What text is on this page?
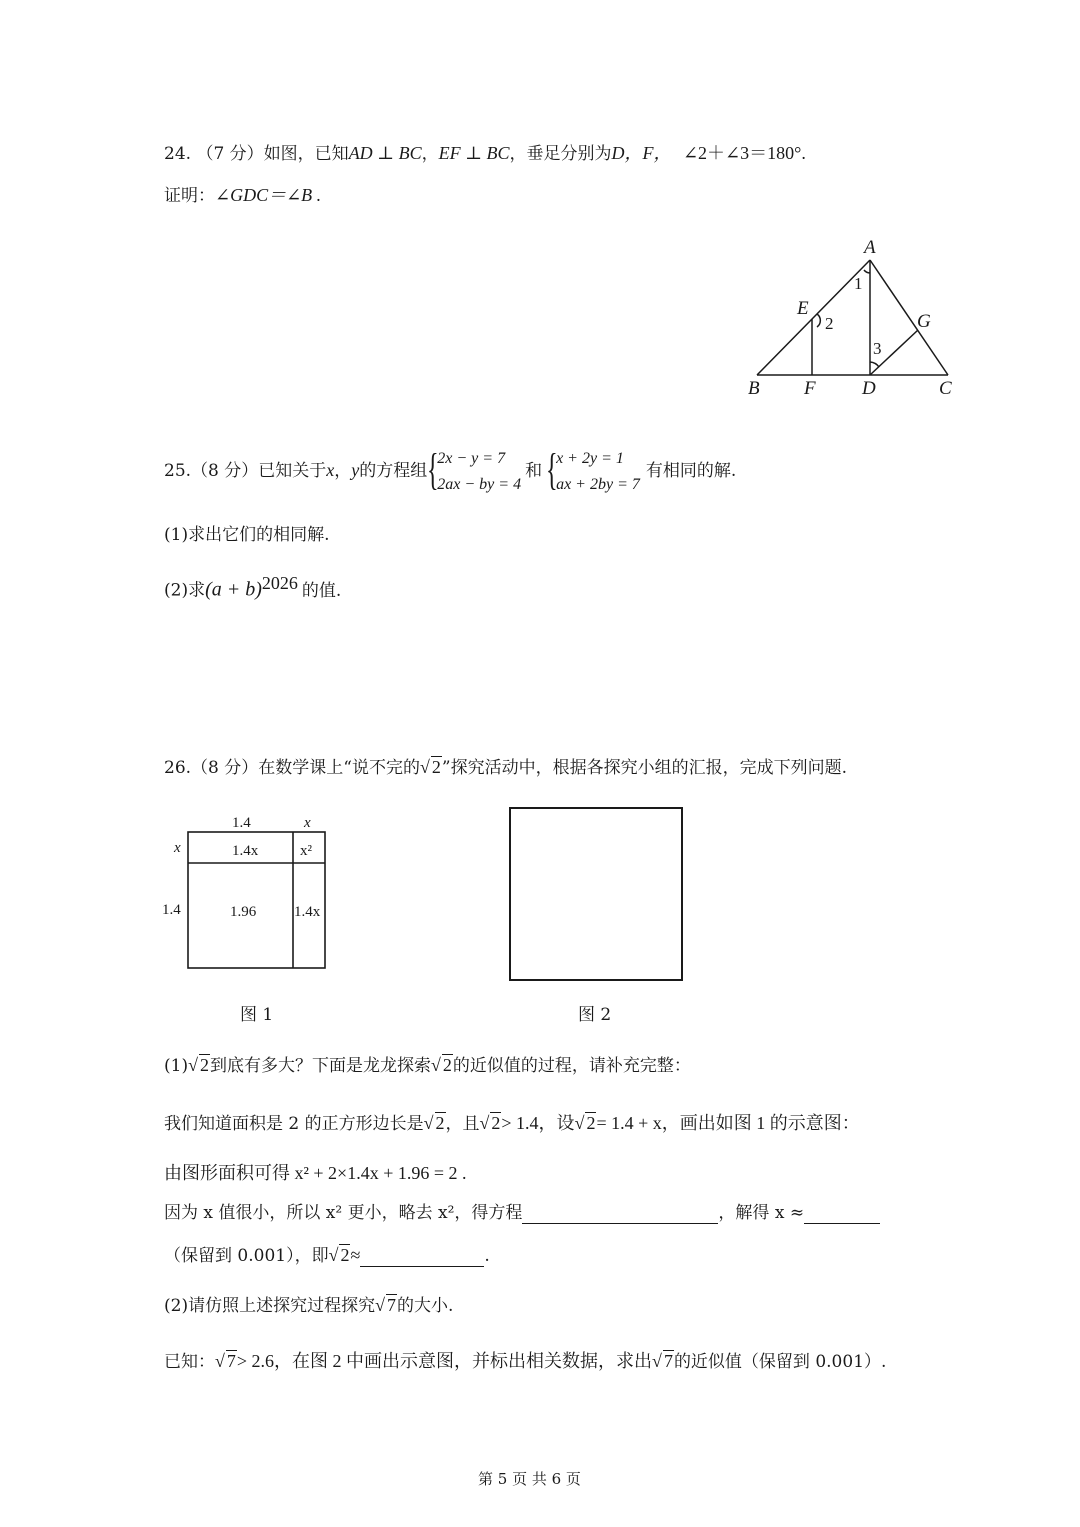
24. （7 分）如图，已知AD ⊥ BC，EF ⊥ BC，垂足分别为D，F， ∠2＋∠3＝180°.
证明：∠GDC＝∠B .
A
B	C
D
E
F
G
1
2
3
25.（8 分）已知关于x，y的方程组 {
2x − y = 7
2ax − by = 4
和 {
x + 2y = 1
ax + 2by = 7
有相同的解.
(1)求出它们的相同解.
(2)求$(a + b)^{2026}$ 的值.
26.（8 分）在数学课上“说不完的√ 2”探究活动中，根据各探究小组的汇报，完成下列问题.
1.4	x
x
1.4
1.4x	x²
1.96	1.4x
图 1	图 2
(1)√ 2到底有多大？下面是龙龙探索√ 2的近似值的过程，请补充完整：
我们知道面积是 2 的正方形边长是√ 2，且√ 2> 1.4，设√ 2= 1.4 + x，画出如图 1 的示意图：
由图形面积可得 x² + 2×1.4x + 1.96 = 2 .
因为 x 值很小，所以 x² 更小，略去 x²，得方程	，解得 x ≈
（保留到 0.001），即√ 2≈	.
(2)请仿照上述探究过程探究√ 7的大小.
已知：√ 7> 2.6，在图 2 中画出示意图，并标出相关数据，求出√ 7的近似值（保留到 0.001）.
第 5 页 共 6 页
